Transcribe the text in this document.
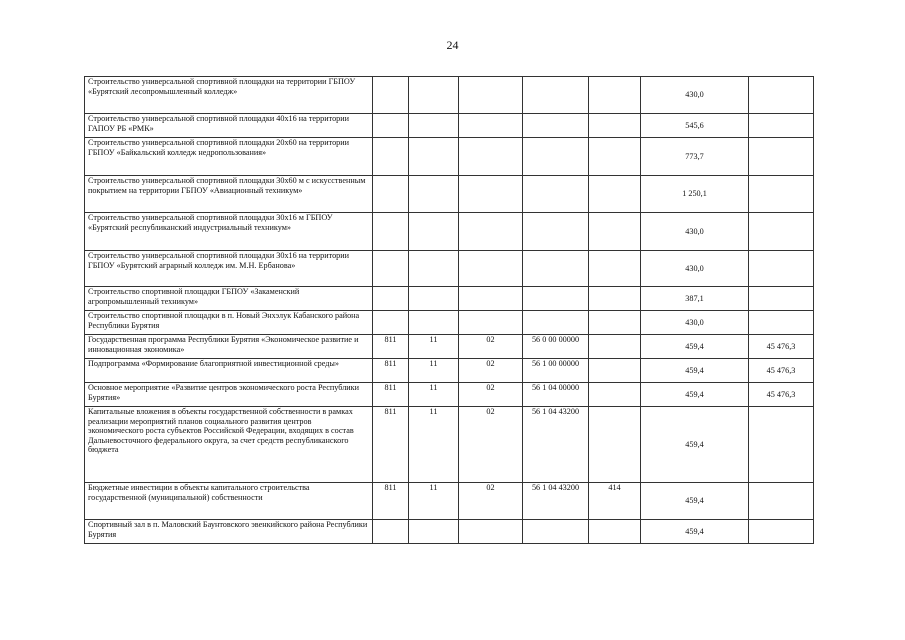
24
Строительство универсальной спортивной площадки на территории ГБПОУ «Бурятский лесопромышленный колледж»						430,0	
Строительство универсальной спортивной площадки 40х16 на территории ГАПОУ РБ «РМК»						545,6	
Строительство универсальной спортивной площадки 20х60 на территории ГБПОУ «Байкальский колледж недропользования»						773,7	
Строительство универсальной спортивной площадки 30х60 м с искусственным покрытием на территории ГБПОУ «Авиационный техникум»						1 250,1	
Строительство универсальной спортивной площадки 30х16 м ГБПОУ «Бурятский республиканский индустриальный техникум»						430,0	
Строительство универсальной спортивной площадки 30х16 на территории ГБПОУ «Бурятский аграрный колледж им. М.Н. Ербанова»						430,0	
Строительство спортивной площадки ГБПОУ «Закаменский агропромышленный техникум»						387,1	
Строительство спортивной площадки в п. Новый Энхэлук Кабанского района Республики Бурятия						430,0	
Государственная программа Республики Бурятия «Экономическое развитие и инновационная экономика»	811	11	02	56 0 00 00000		459,4	45 476,3
Подпрограмма «Формирование благоприятной инвестиционной среды»	811	11	02	56 1 00 00000		459,4	45 476,3
Основное мероприятие «Развитие центров экономического роста Республики Бурятия»	811	11	02	56 1 04 00000		459,4	45 476,3
Капитальные вложения в объекты государственной собственности в рамках реализации мероприятий планов социального развития центров экономического роста субъектов Российской Федерации, входящих в состав Дальневосточного федерального округа, за счет средств республиканского бюджета	811	11	02	56 1 04 43200		459,4	
Бюджетные инвестиции в объекты капитального строительства государственной (муниципальной) собственности	811	11	02	56 1 04 43200	414	459,4	
Спортивный зал в п. Маловский Баунтовского эвенкийского района Республики Бурятия						459,4	
